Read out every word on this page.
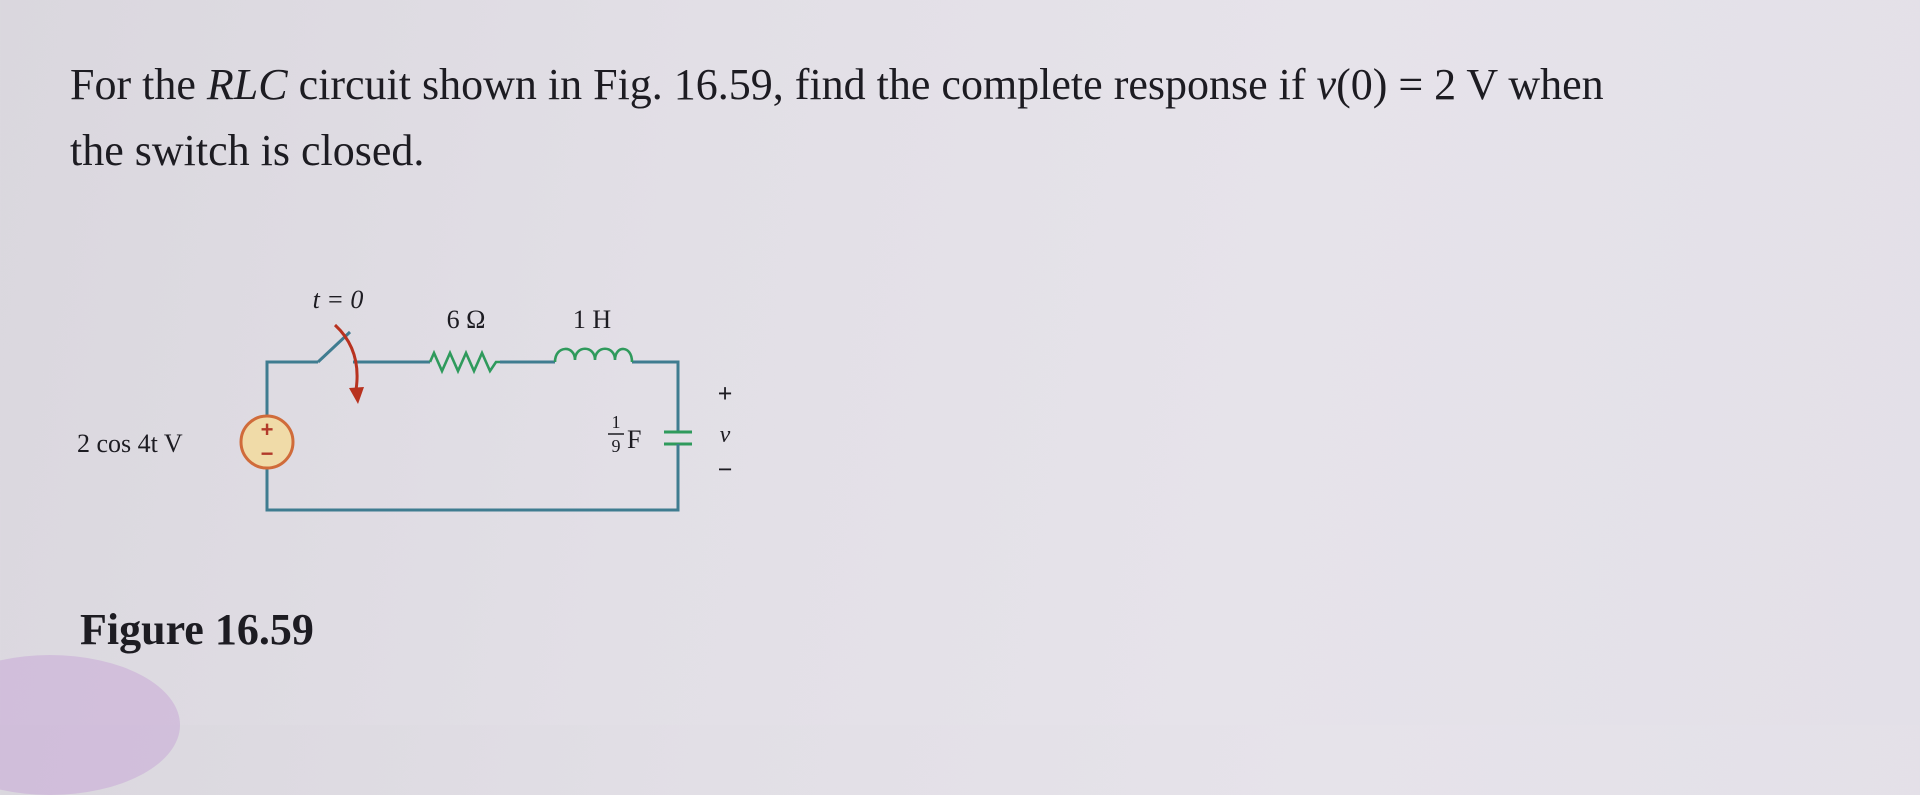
For the RLC circuit shown in Fig. 16.59, find the complete response if v(0) = 2 V when
the switch is closed.

+
−
t = 0
6 Ω	1 H
2 cos 4t V
1
9 F
+
v
−

Figure 16.59
